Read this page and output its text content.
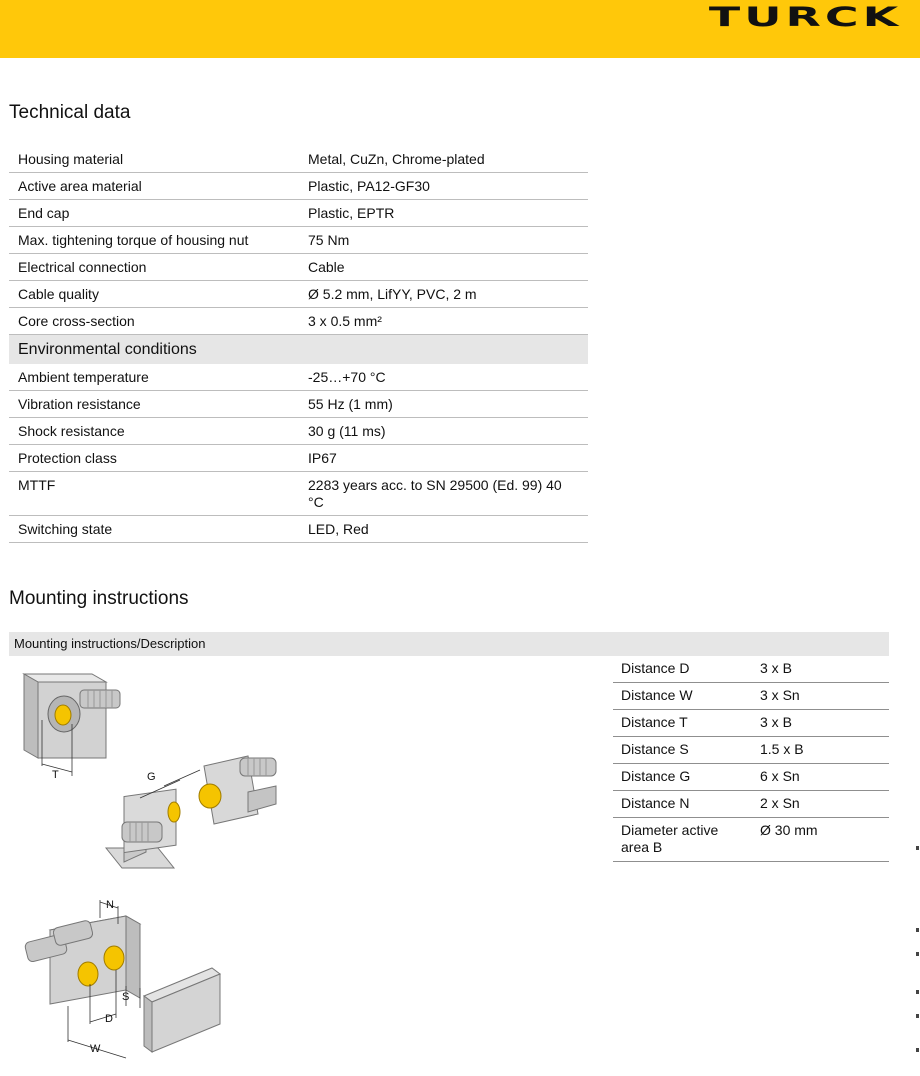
TURCK
Technical data
Housing material	Metal, CuZn, Chrome-plated
Active area material	Plastic, PA12-GF30
End cap	Plastic, EPTR
Max. tightening torque of housing nut	75 Nm
Electrical connection	Cable
Cable quality	Ø 5.2 mm, LifYY, PVC, 2 m
Core cross-section	3 x 0.5 mm²
Environmental conditions	
Ambient temperature	-25…+70 °C
Vibration resistance	55 Hz (1 mm)
Shock resistance	30 g (11 ms)
Protection class	IP67
MTTF	2283 years acc. to SN 29500 (Ed. 99) 40 °C
Switching state	LED, Red
Mounting instructions
Mounting instructions/Description
Distance D	3 x B
Distance W	3 x Sn
Distance T	3 x B
Distance S	1.5 x B
Distance G	6 x Sn
Distance N	2 x Sn
Diameter active area B	Ø 30 mm
T	G
N
S
D
W
